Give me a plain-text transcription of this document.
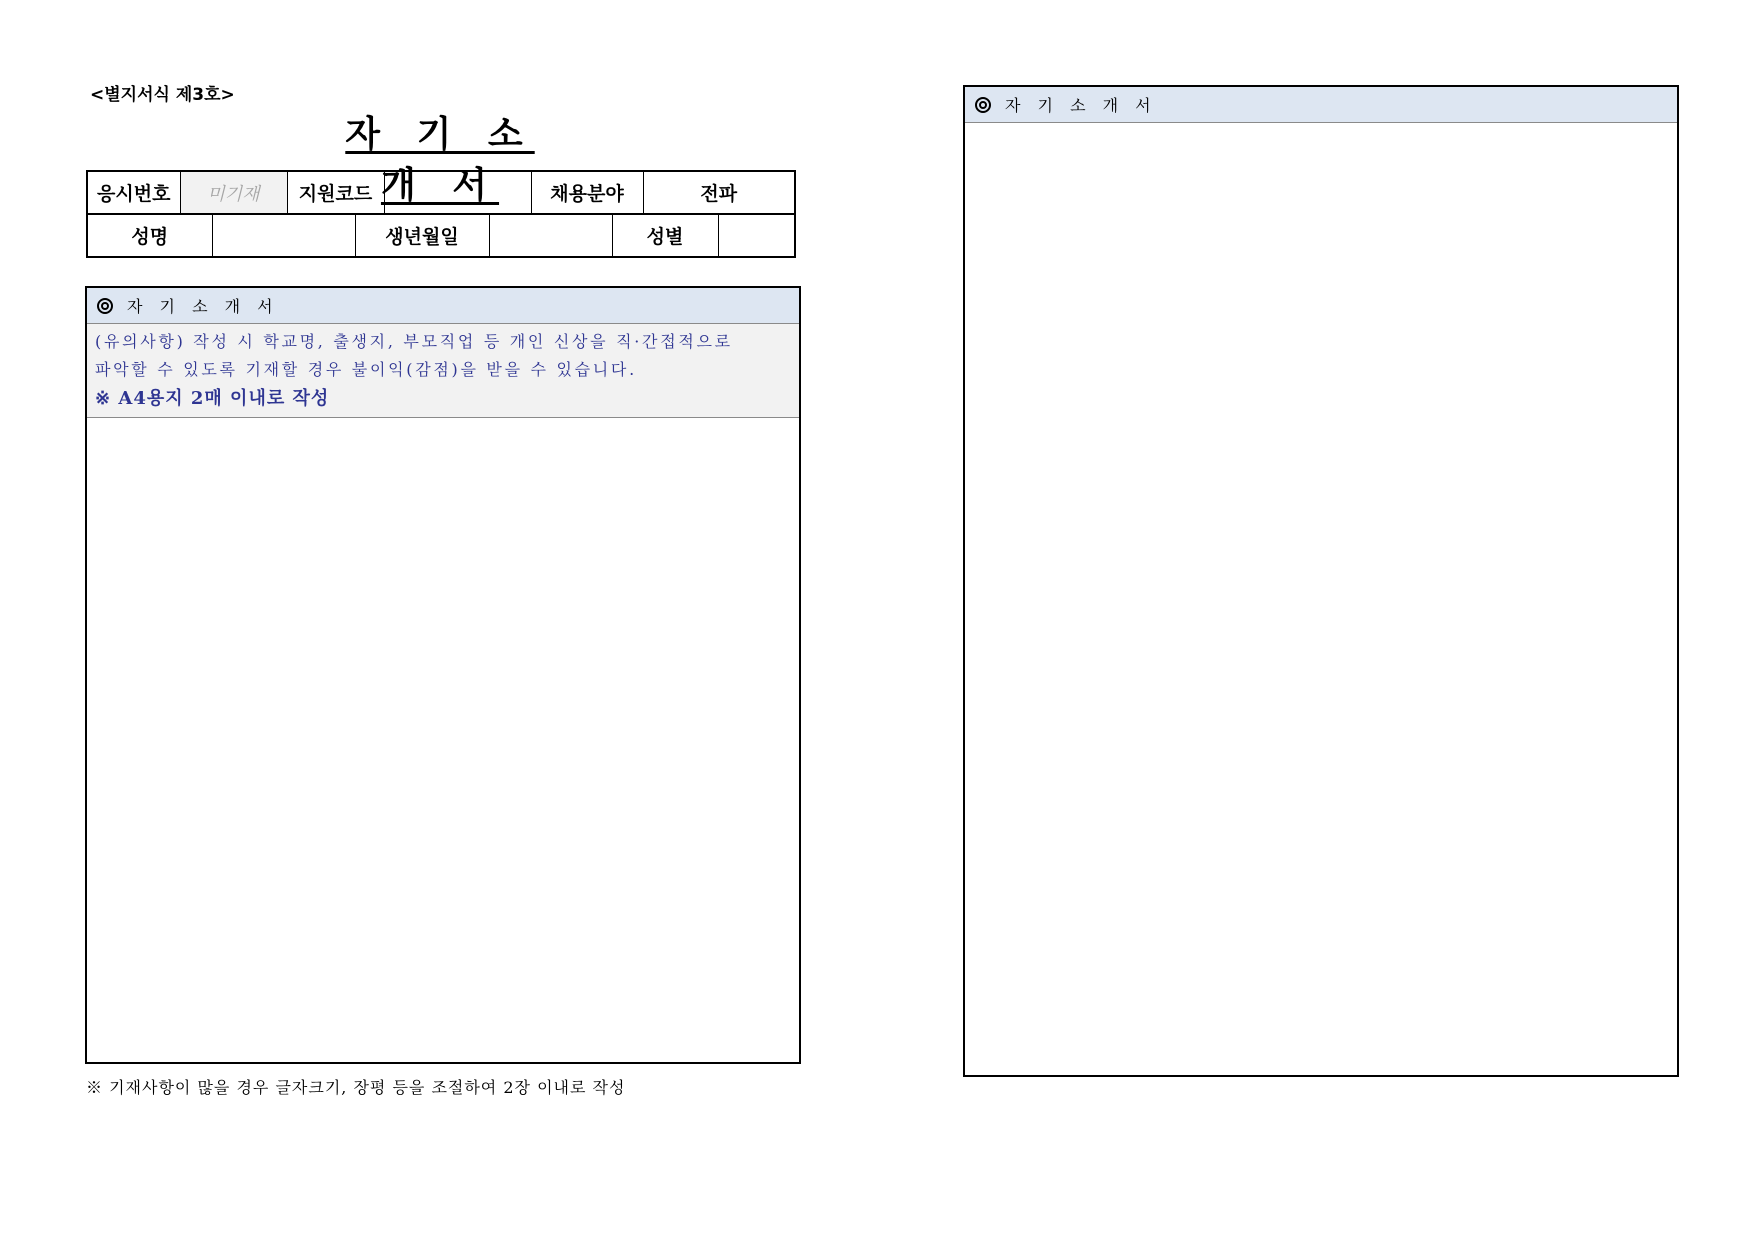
<별지서식 제3호>
자 기 소 개 서
응시번호	미기재	지원코드		채용분야	전파
성명		생년월일		성별	
자 기 소 개 서
(유의사항) 작성 시 학교명, 출생지, 부모직업 등 개인 신상을 직·간접적으로
파악할 수 있도록 기재할 경우 불이익(감점)을 받을 수 있습니다.
※ A4용지 2매 이내로 작성
※ 기재사항이 많을 경우 글자크기, 장평 등을 조절하여 2장 이내로 작성
자 기 소 개 서
